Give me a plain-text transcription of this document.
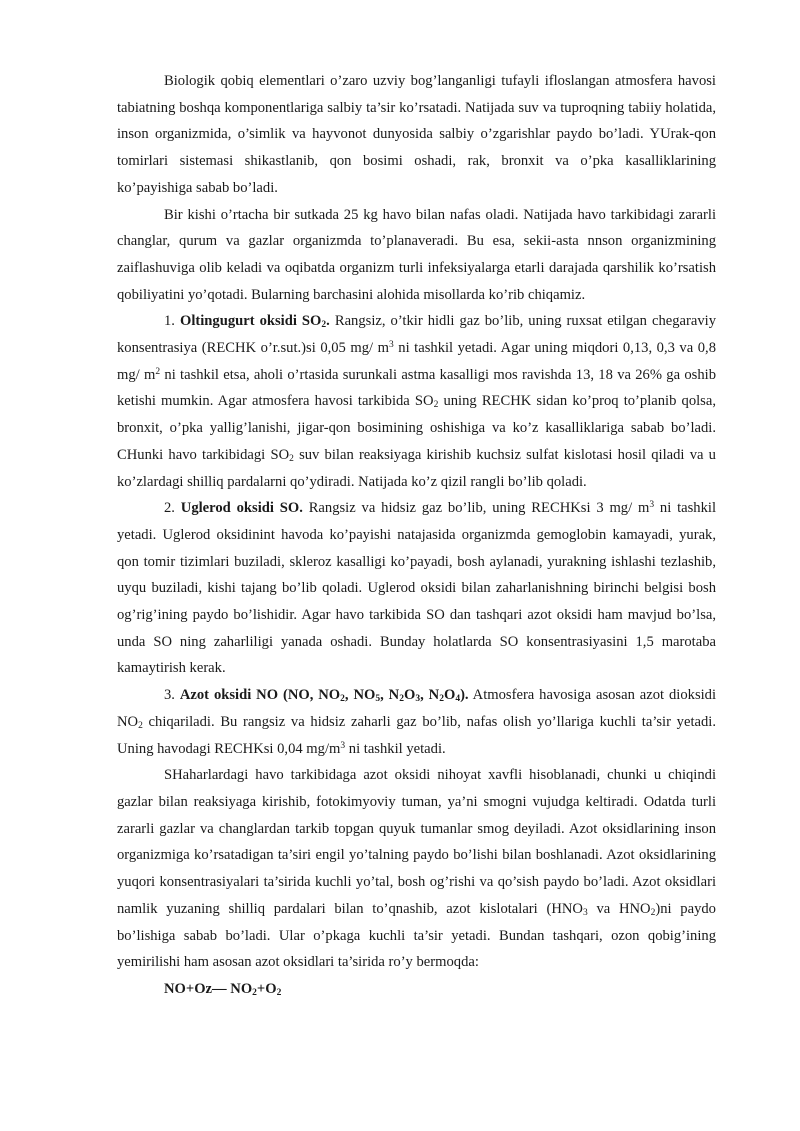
Biologik qobiq elementlari o’zaro uzviy bog’langanligi tufayli ifloslangan atmosfera havosi tabiatning boshqa komponentlariga salbiy ta’sir ko’rsatadi. Natijada suv va tuproqning tabiiy holatida, inson organizmida, o’simlik va hayvonot dunyosida salbiy o’zgarishlar paydo bo’ladi. YUrak-qon tomirlari sistemasi shikastlanib, qon bosimi oshadi, rak, bronxit va o’pka kasalliklarining ko’payishiga sabab bo’ladi.

Bir kishi o’rtacha bir sutkada 25 kg havo bilan nafas oladi. Natijada havo tarkibidagi zararli changlar, qurum va gazlar organizmda to’planaveradi. Bu esa, sekii-asta nnson organizmining zaiflashuviga olib keladi va oqibatda organizm turli infeksiyalarga etarli darajada qarshilik ko’rsatish qobiliyatini yo’qotadi. Bularning barchasini alohida misollarda ko’rib chiqamiz.

1. Oltingugurt oksidi $SO_2$. Rangsiz, o’tkir hidli gaz bo’lib, uning ruxsat etilgan chegaraviy konsentrasiya (RECHK o’r.sut.)si 0,05 mg/ $m^3$ ni tashkil yetadi. Agar uning miqdori 0,13, 0,3 va 0,8 mg/ $m^2$ ni tashkil etsa, aholi o’rtasida surunkali astma kasalligi mos ravishda 13, 18 va 26% ga oshib ketishi mumkin. Agar atmosfera havosi tarkibida $SO_2$ uning RECHK sidan ko’proq to’planib qolsa, bronxit, o’pka yallig’lanishi, jigar-qon bosimining oshishiga va ko’z kasalliklariga sabab bo’ladi. CHunki havo tarkibidagi $SO_2$ suv bilan reaksiyaga kirishib kuchsiz sulfat kislotasi hosil qiladi va u ko’zlardagi shilliq pardalarni qo’ydiradi. Natijada ko’z qizil rangli bo’lib qoladi.

2. Uglerod oksidi SO. Rangsiz va hidsiz gaz bo’lib, uning RECHKsi 3 mg/ $m^3$ ni tashkil yetadi. Uglerod oksidinint havoda ko’payishi natajasida organizmda gemoglobin kamayadi, yurak, qon tomir tizimlari buziladi, skleroz kasalligi ko’payadi, bosh aylanadi, yurakning ishlashi tezlashib, uyqu buziladi, kishi tajang bo’lib qoladi. Uglerod oksidi bilan zaharlanishning birinchi belgisi bosh og’rig’ining paydo bo’lishidir. Agar havo tarkibida SO dan tashqari azot oksidi ham mavjud bo’lsa, unda SO ning zaharliligi yanada oshadi. Bunday holatlarda SO konsentrasiyasini 1,5 marotaba kamaytirish kerak.

3. Azot oksidi NO (NO, $NO_2$, $NO_5$, $N_2O_3$, $N_2O_4$). Atmosfera havosiga asosan azot dioksidi $NO_2$ chiqariladi. Bu rangsiz va hidsiz zaharli gaz bo’lib, nafas olish yo’llariga kuchli ta’sir yetadi. Uning havodagi RECHKsi 0,04 $mg/m^3$ ni tashkil yetadi.

SHaharlardagi havo tarkibidaga azot oksidi nihoyat xavfli hisoblanadi, chunki u chiqindi gazlar bilan reaksiyaga kirishib, fotokimyoviy tuman, ya’ni smogni vujudga keltiradi. Odatda turli zararli gazlar va changlardan tarkib topgan quyuk tumanlar smog deyiladi. Azot oksidlarining inson organizmiga ko’rsatadigan ta’siri engil yo’talning paydo bo’lishi bilan boshlanadi. Azot oksidlarining yuqori konsentrasiyalari ta’sirida kuchli yo’tal, bosh og’rishi va qo’sish paydo bo’ladi. Azot oksidlari namlik yuzaning shilliq pardalari bilan to’qnashib, azot kislotalari ($HNO_3$ va $HNO_2)ni$ paydo bo’lishiga sabab bo’ladi. Ular o’pkaga kuchli ta’sir yetadi. Bundan tashqari, ozon qobig’ining yemirilishi ham asosan azot oksidlari ta’sirida ro’y bermoqda:

NO+Oz— $NO_2+O_2$
